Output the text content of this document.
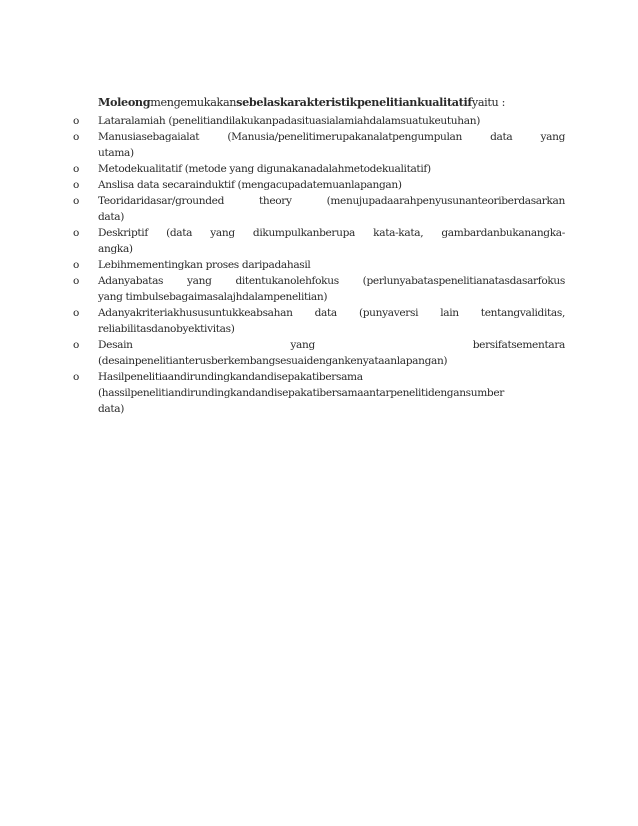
Moleongmengemukakansebelaskarakteristikpenelitiankualitatifyaitu :

o Lataralamiah (penelitiandilakukanpadasituasialamiahdalamsuatukeutuhan)
o Manusiasebagaialat (Manusia/penelitimerupakanalatpengumpulan data yang
utama)
o Metodekualitatif (metode yang digunakanadalahmetodekualitatif)
o Anslisa data secarainduktif (mengacupadatemuanlapangan)
o Teoridaridasar/grounded theory (menujupadaarahpenyusunanteoriberdasarkan
data)
o Deskriptif (data yang dikumpulkanberupa kata-kata, gambardanbukanangka-
angka)
o Lebihmementingkan proses daripadahasil
o Adanyabatas yang ditentukanolehfokus (perlunyabataspenelitianatasdasarfokus
yang timbulsebagaimasalajhdalampenelitian)
o Adanyakriteriakhususuntukkeabsahan data (punyaversi lain tentangvaliditas,
reliabilitasdanobyektivitas)
o Desain yang bersifatsementara
(desainpenelitianterusberkembangsesuaidengankenyataanlapangan)
o Hasilpenelitiaandirundingkandandisepakatibersama
(hassilpenelitiandirundingkandandisepakatibersamaantarpenelitidengansumber
data)
